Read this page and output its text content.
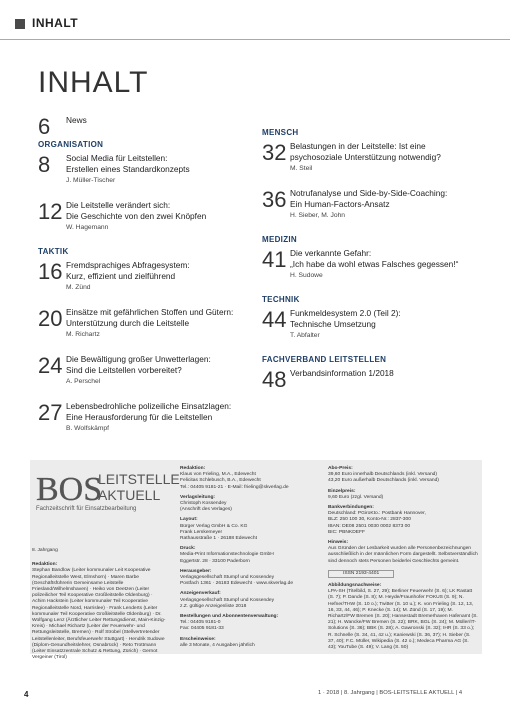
INHALT
INHALT
6 News
ORGANISATION
8 Social Media für Leitstellen:
Erstellen eines Standardkonzepts
J. Müller-Tischer
12 Die Leitstelle verändert sich:
Die Geschichte von den zwei Knöpfen
W. Hagemann
TAKTIK
16 Fremdsprachiges Abfragesystem:
Kurz, effizient und zielführend
M. Zünd
20 Einsätze mit gefährlichen Stoffen und Gütern:
Unterstützung durch die Leitstelle
M. Richartz
24 Die Bewältigung großer Unwetterlagen:
Sind die Leitstellen vorbereitet?
A. Perschel
27 Lebensbedrohliche polizeiliche Einsatzlagen:
Eine Herausforderung für die Leitstellen
B. Wolfskämpf
MENSCH
32 Belastungen in der Leitstelle: Ist eine
psychosoziale Unterstützung notwendig?
M. Steil
36 Notrufanalyse und Side-by-Side-Coaching:
Ein Human-Factors-Ansatz
H. Sieber, M. John
MEDIZIN
41 Die verkannte Gefahr:
„Ich habe da wohl etwas Falsches gegessen!“
H. Sudowe
TECHNIK
44 Funkmeldesystem 2.0 (Teil 2):
Technische Umsetzung
T. Abfalter
FACHVERBAND LEITSTELLEN
48 Verbandsinformation 1/2018
BOS
LEITSTELLE
AKTUELL
Fachzeitschrift für Einsatzbearbeitung
8. Jahrgang
Redaktion:
Stephan Bandlow (Leiter kommunaler Leit Kooperative Regionalleitstelle West, Elmshorn) · Maren Barbe (Geschäftsführerin Gemeinsame Leitstelle Friesland/Wilhelmshaven) · Heiko von Deetzen (Leiter polizeilicher Teil Kooperative Großleitstelle Oldenburg) · Achim Hackstein (Leiter kommunaler Teil Kooperative Regionalleitstelle Nord, Harrislee) · Frank Lenderts (Leiter kommunaler Teil Kooperative Großleitstelle Oldenburg) · Dr. Wolfgang Lenz (Ärztlicher Leiter Rettungsdienst, Main-Kinzig-Kreis) · Michael Richartz (Leiter der Feuerwehr- und Rettungsleitstelle, Bremen) · Rolf Strobel (Stellvertretender Leitstellenleiter, Berufsfeuerwehr Stuttgart) · Hendrik Sudowe (Diplom-Gesundheitslehrer, Osnabrück) · Reto Trottmann (Leiter Einsatzzentrale Schutz & Rettung, Zürich) · Gernot Vergeiner (Tirol)
Redaktion:
Klaus von Frieling, M.A., Edewecht
Felicitas Schlebusch, B.A., Edewecht
Tel.: 04405 9181-21 · E-Mail: frieling@skverlag.de
Verlagsleitung:
Christoph Kossendey
(Anschrift des Verlages)
Layout:
Bürger Verlag GmbH & Co. KG
Frank Lemkemeyer
Rathausstraße 1 · 26188 Edewecht
Druck:
Media-Print Informationstechnologie GmbH
Eggertstr. 28 · 33100 Paderborn
Herausgeber:
Verlagsgesellschaft Stumpf und Kossendey
Postfach 1361 · 26183 Edewecht · www.skverlag.de
Anzeigenverkauf:
Verlagsgesellschaft Stumpf und Kossendey
z.Z. gültige Anzeigenliste 2018
Bestellungen und Abonnentenverwaltung:
Tel.: 04405 9181-0
Fax: 04405 9181-33
Erscheinweise:
alle 3 Monate, 4 Ausgaben jährlich
Abo-Preis:
39,60 Euro innerhalb Deutschlands (inkl. Versand)
43,20 Euro außerhalb Deutschlands (inkl. Versand)
Einzelpreis:
9,60 Euro (zzgl. Versand)
Bankverbindungen:
Deutschland: PGiroKto.: Postbank Hannover,
BLZ: 250 100 30, Konto-Nr.: 2837-300
IBAN: DE08 2501 0030 0002 8373 00
BIC: PBNKDEFF
Hinweis:
Aus Gründen der Lesbarkeit wurden alle Personenbezeichnungen ausschließlich in der männlichen Form dargestellt. Selbstverständlich sind dennoch stets Personen beiderlei Geschlechts gemeint.
ISSN 2193-4401
Abbildungsnachweise:
LPA-SH (Titelbild, S. 27, 29); Berliner Feuerwehr (S. 6); LK Rastatt (S. 7); P. Dande (S. 8); M. Heyde/Fraunhofer FOKUS (S. 9); N. Hefner/THW (S. 10 o.); Twitter (S. 10 u.); K. von Frieling (S. 12, 13, 16, 33, 44, 46); P. Knecke (S. 14); M. Zünd (S. 17, 19); M. Richartz/FW Bremen (S. 20); Hansestadt Bremerhaven Hafenamt (S. 21); H. Wancke/FW Bremen (S. 22); BRK, BGL (S. 24); M. Müller/IT-Solutions (S. 36); BBK (S. 28); A. Gawronski (S. 32); IHR (S. 33 o.); R. Schnelle (S. 34, 41, 42 u.); Kaniewski (S. 36, 37); H. Sieber (S. 37, 40); F.C. Müller, Wikipedia (S. 42 o.); Medeca Pharma AG (S. 43); YouTube (S. 49); V. Lang (S. 50)
4	1 · 2018 | 8. Jahrgang | BOS-LEITSTELLE AKTUELL | 4
